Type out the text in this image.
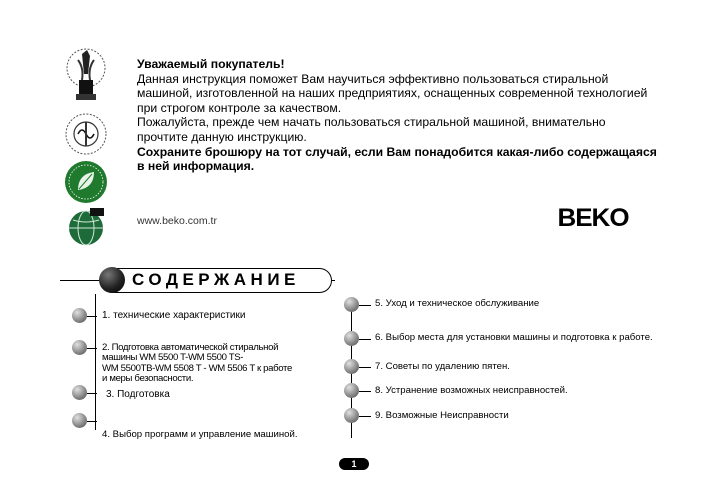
Уважаемый покупатель!
Данная инструкция поможет Вам научиться эффективно пользоваться стиральной машиной, изготовленной на наших предприятиях, оснащенных современной технологией при строгом контроле за качеством.
Пожалуйста, прежде чем начать пользоваться стиральной машиной, внимательно прочтите данную инструкцию.
Сохраните брошюру на тот случай, если Вам понадобится какая-либо содержащаяся в ней информация.
www.beko.com.tr	BEKO
СОДЕРЖАНИЕ
1. технические характеристики
2. Подготовка автоматической стиральной
машины WM 5500 T-WM 5500 TS-
WM 5500TB-WM 5508 T - WM 5506 T к работе
и меры безопасности.
3. Подготовка
4. Выбор программ и управление машиной.
5. Уход и техническое обслуживание
6. Выбор места для установки машины и подготовка к работе.
7. Советы по удалению пятен.
8. Устранение возможных неисправностей.
9. Возможные Неисправности
1
